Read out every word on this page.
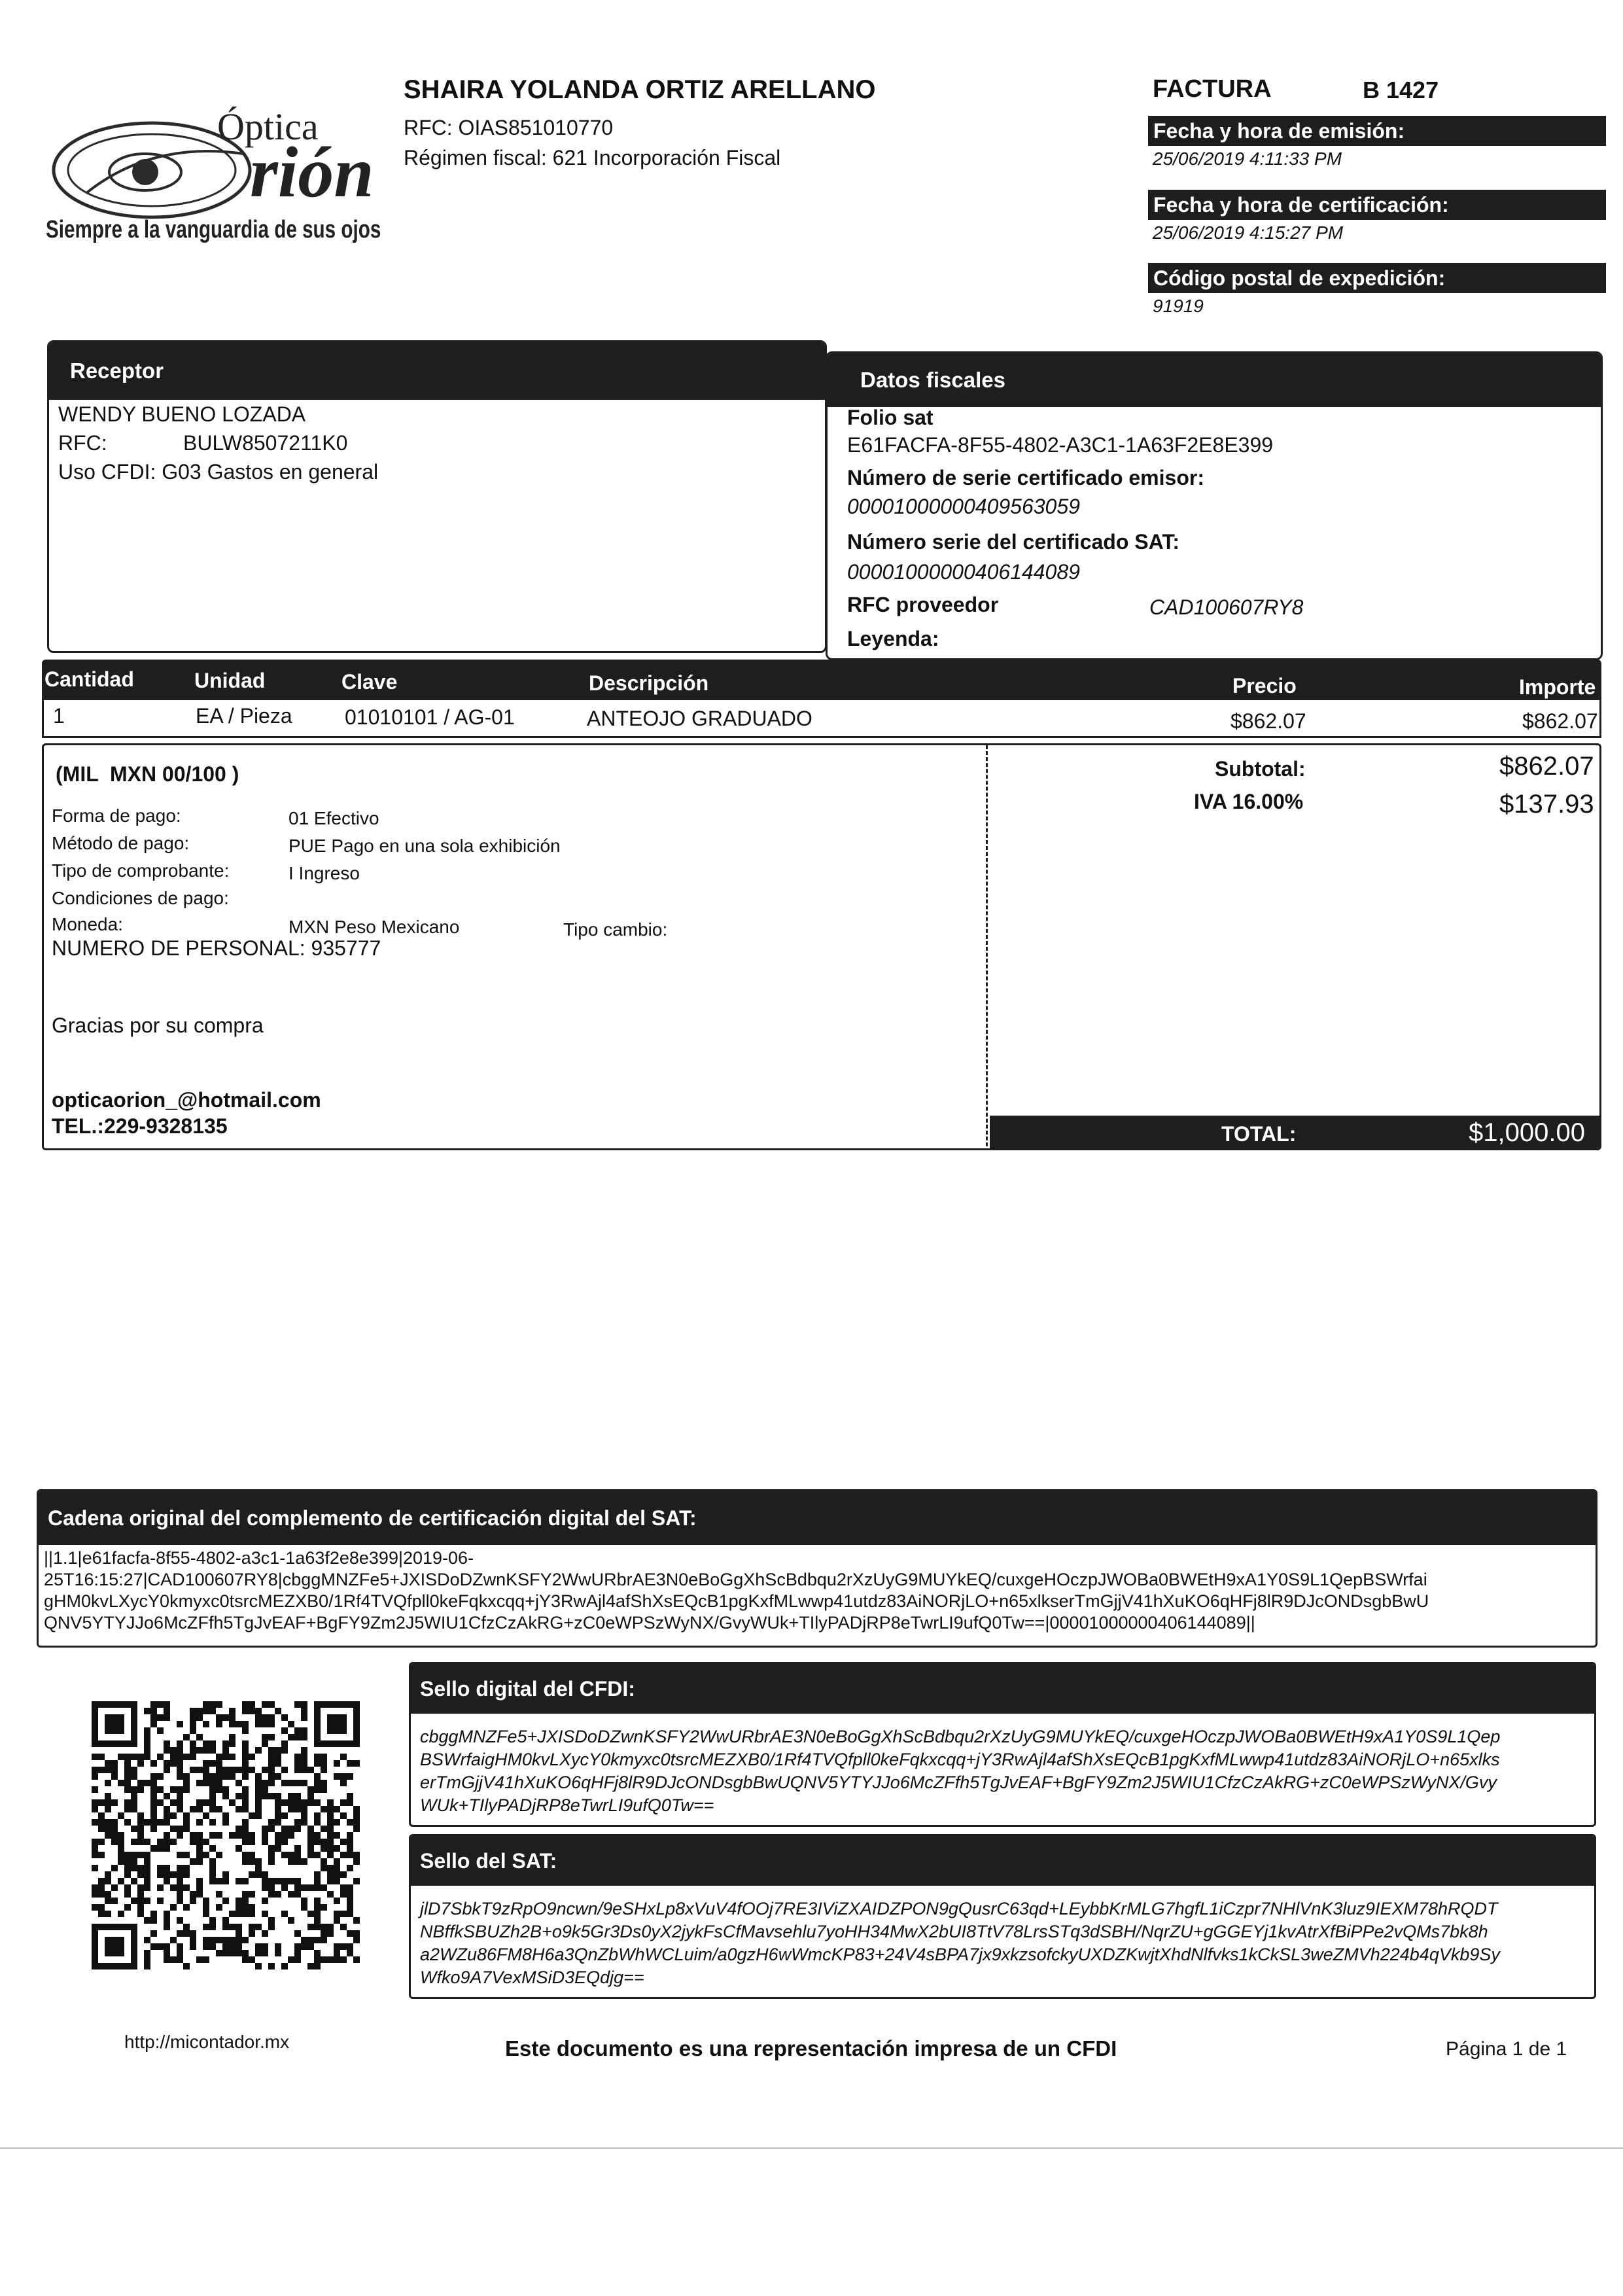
Óptica
rión
Siempre a la vanguardia de sus ojos
SHAIRA YOLANDA ORTIZ ARELLANO
RFC: OIAS851010770
Régimen fiscal: 621 Incorporación Fiscal
FACTURA	B 1427
Fecha y hora de emisión:
25/06/2019 4:11:33 PM
Fecha y hora de certificación:
25/06/2019 4:15:27 PM
Código postal de expedición:
91919
Receptor
WENDY BUENO LOZADA
RFC:	BULW8507211K0
Uso CFDI: G03 Gastos en general
Datos fiscales
Folio sat
E61FACFA-8F55-4802-A3C1-1A63F2E8E399
Número de serie certificado emisor:
00001000000409563059
Número serie del certificado SAT:
00001000000406144089
RFC proveedor	CAD100607RY8
Leyenda:
Cantidad	Unidad	Clave	Descripción	Precio	Importe
1	EA / Pieza	01010101 / AG-01	ANTEOJO GRADUADO	$862.07	$862.07
(MIL  MXN 00/100 )
Forma de pago:	01 Efectivo
Método de pago:	PUE Pago en una sola exhibición
Tipo de comprobante:	I Ingreso
Condiciones de pago:
Moneda:	MXN Peso Mexicano	Tipo cambio:
NUMERO DE PERSONAL: 935777
Gracias por su compra
opticaorion_@hotmail.com
TEL.:229-9328135
Subtotal:	$862.07
IVA 16.00%	$137.93
TOTAL:	$1,000.00
Cadena original del complemento de certificación digital del SAT:
||1.1|e61facfa-8f55-4802-a3c1-1a63f2e8e399|2019-06-
25T16:15:27|CAD100607RY8|cbggMNZFe5+JXISDoDZwnKSFY2WwURbrAE3N0eBoGgXhScBdbqu2rXzUyG9MUYkEQ/cuxgeHOczpJWOBa0BWEtH9xA1Y0S9L1QepBSWrfai
gHM0kvLXycY0kmyxc0tsrcMEZXB0/1Rf4TVQfpll0keFqkxcqq+jY3RwAjl4afShXsEQcB1pgKxfMLwwp41utdz83AiNORjLO+n65xlkserTmGjjV41hXuKO6qHFj8lR9DJcONDsgbBwU
QNV5YTYJJo6McZFfh5TgJvEAF+BgFY9Zm2J5WIU1CfzCzAkRG+zC0eWPSzWyNX/GvyWUk+TIlyPADjRP8eTwrLI9ufQ0Tw==|00001000000406144089||
Sello digital del CFDI:
cbggMNZFe5+JXISDoDZwnKSFY2WwURbrAE3N0eBoGgXhScBdbqu2rXzUyG9MUYkEQ/cuxgeHOczpJWOBa0BWEtH9xA1Y0S9L1Qep
BSWrfaigHM0kvLXycY0kmyxc0tsrcMEZXB0/1Rf4TVQfpll0keFqkxcqq+jY3RwAjl4afShXsEQcB1pgKxfMLwwp41utdz83AiNORjLO+n65xlks
erTmGjjV41hXuKO6qHFj8lR9DJcONDsgbBwUQNV5YTYJJo6McZFfh5TgJvEAF+BgFY9Zm2J5WIU1CfzCzAkRG+zC0eWPSzWyNX/Gvy
WUk+TIlyPADjRP8eTwrLI9ufQ0Tw==
Sello del SAT:
jlD7SbkT9zRpO9ncwn/9eSHxLp8xVuV4fOOj7RE3IViZXAIDZPON9gQusrC63qd+LEybbKrMLG7hgfL1iCzpr7NHlVnK3luz9IEXM78hRQDT
NBffkSBUZh2B+o9k5Gr3Ds0yX2jykFsCfMavsehlu7yoHH34MwX2bUI8TtV78LrsSTq3dSBH/NqrZU+gGGEYj1kvAtrXfBiPPe2vQMs7bk8h
a2WZu86FM8H6a3QnZbWhWCLuim/a0gzH6wWmcKP83+24V4sBPA7jx9xkzsofckyUXDZKwjtXhdNlfvks1kCkSL3weZMVh224b4qVkb9Sy
Wfko9A7VexMSiD3EQdjg==
http://micontador.mx	Este documento es una representación impresa de un CFDI	Página 1 de 1
